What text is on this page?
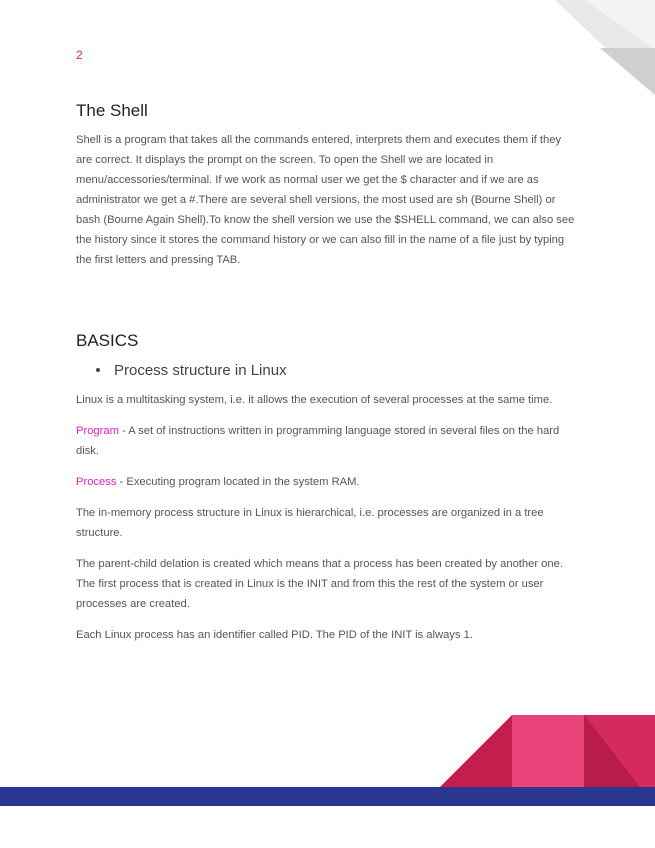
2
The Shell

Shell is a program that takes all the commands entered, interprets them and executes them if they are correct. It displays the prompt on the screen. To open the Shell we are located in menu/accessories/terminal. If we work as normal user we get the $ character and if we are as administrator we get a #.There are several shell versions, the most used are sh (Bourne Shell) or bash (Bourne Again Shell).To know the shell version we use the $SHELL command, we can also see the history since it stores the command history or we can also fill in the name of a file just by typing the first letters and pressing TAB.

BASICS
Process structure in Linux

Linux is a multitasking system, i.e. it allows the execution of several processes at the same time.

Program - A set of instructions written in programming language stored in several files on the hard disk.

Process - Executing program located in the system RAM.

The in-memory process structure in Linux is hierarchical, i.e. processes are organized in a tree structure.

The parent-child delation is created which means that a process has been created by another one. The first process that is created in Linux is the INIT and from this the rest of the system or user processes are created.

Each Linux process has an identifier called PID. The PID of the INIT is always 1.
